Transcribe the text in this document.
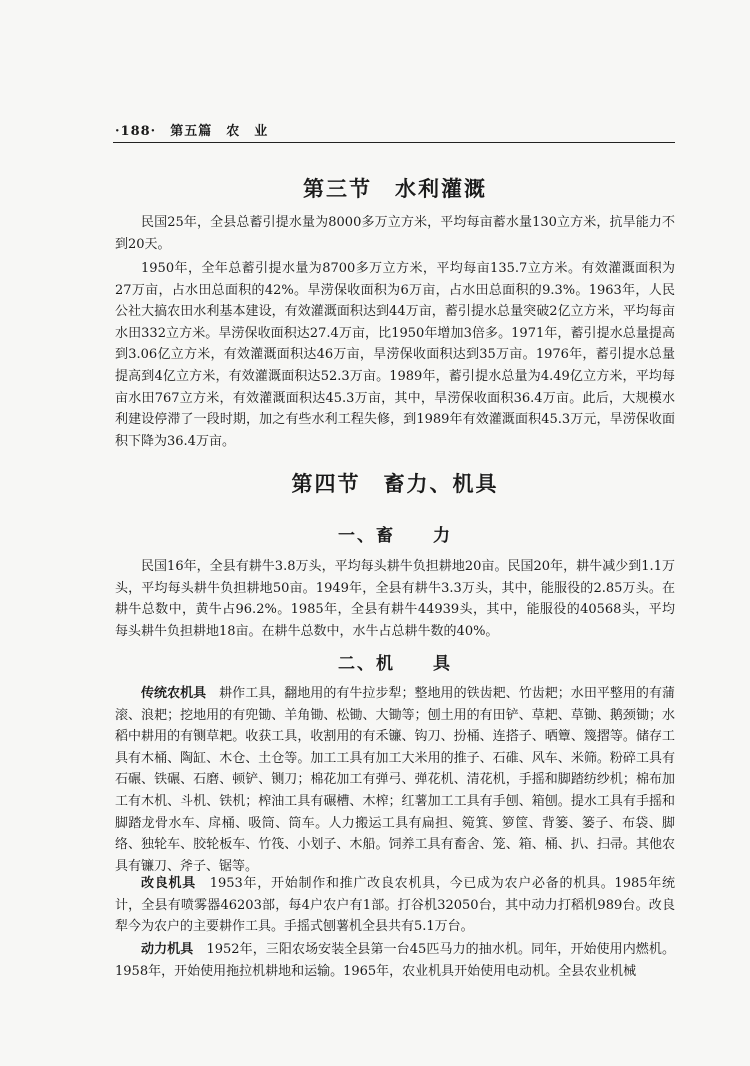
·188· 第五篇　农　业
第三节　水利灌溉

民国25年，全县总蓄引提水量为8000多万立方米，平均每亩蓄水量130立方米，抗旱能力不到20天。

1950年，全年总蓄引提水量为8700多万立方米，平均每亩135.7立方米。有效灌溉面积为27万亩，占水田总面积的42%。旱涝保收面积为6万亩，占水田总面积的9.3%。1963年，人民公社大搞农田水利基本建设，有效灌溉面积达到44万亩，蓄引提水总量突破2亿立方米，平均每亩水田332立方米。旱涝保收面积达27.4万亩，比1950年增加3倍多。1971年，蓄引提水总量提高到3.06亿立方米，有效灌溉面积达46万亩，旱涝保收面积达到35万亩。1976年，蓄引提水总量提高到4亿立方米，有效灌溉面积达52.3万亩。1989年，蓄引提水总量为4.49亿立方米，平均每亩水田767立方米，有效灌溉面积达45.3万亩，其中，旱涝保收面积36.4万亩。此后，大规模水利建设停滞了一段时期，加之有些水利工程失修，到1989年有效灌溉面积45.3万元，旱涝保收面积下降为36.4万亩。

第四节　畜力、机具
一、畜　　力

民国16年，全县有耕牛3.8万头，平均每头耕牛负担耕地20亩。民国20年，耕牛减少到1.1万头，平均每头耕牛负担耕地50亩。1949年，全县有耕牛3.3万头，其中，能服役的2.85万头。在耕牛总数中，黄牛占96.2%。1985年，全县有耕牛44939头，其中，能服役的40568头，平均每头耕牛负担耕地18亩。在耕牛总数中，水牛占总耕牛数的40%。

二、机　　具

传统农机具　 耕作工具，翻地用的有牛拉步犁；整地用的铁齿耙、竹齿耙；水田平整用的有蒲滚、浪耙；挖地用的有兜锄、羊角锄、松锄、大锄等；刨土用的有田铲、草耙、草锄、鹅颈锄；水稻中耕用的有铡草耙。收获工具，收割用的有禾镰、钩刀、扮桶、连搭子、晒簟、篾摺等。储存工具有木桶、陶缸、木仓、土仓等。加工工具有加工大米用的推子、石碓、风车、米筛。粉碎工具有石碾、铁碾、石磨、顿铲、铡刀；棉花加工有弹弓、弹花机、清花机，手摇和脚踏纺纱机；棉布加工有木机、斗机、铁机；榨油工具有碾槽、木榨；红薯加工工具有手刨、箱刨。提水工具有手摇和脚踏龙骨水车、戽桶、吸筒、筒车。人力搬运工具有扁担、箢箕、箩筐、背篓、篓子、布袋、脚络、独轮车、胶轮板车、竹筏、小划子、木船。饲养工具有畜舍、笼、箱、桶、扒、扫帚。其他农具有镰刀、斧子、锯等。

改良机具　 1953年，开始制作和推广改良农机具，今已成为农户必备的机具。1985年统计，全县有喷雾器46203部，每4户农户有1部。打谷机32050台，其中动力打稻机989台。改良犁今为农户的主要耕作工具。手摇式刨薯机全县共有5.1万台。

动力机具　 1952年，三阳农场安装全县第一台45匹马力的抽水机。同年，开始使用内燃机。1958年，开始使用拖拉机耕地和运输。1965年，农业机具开始使用电动机。全县农业机械
